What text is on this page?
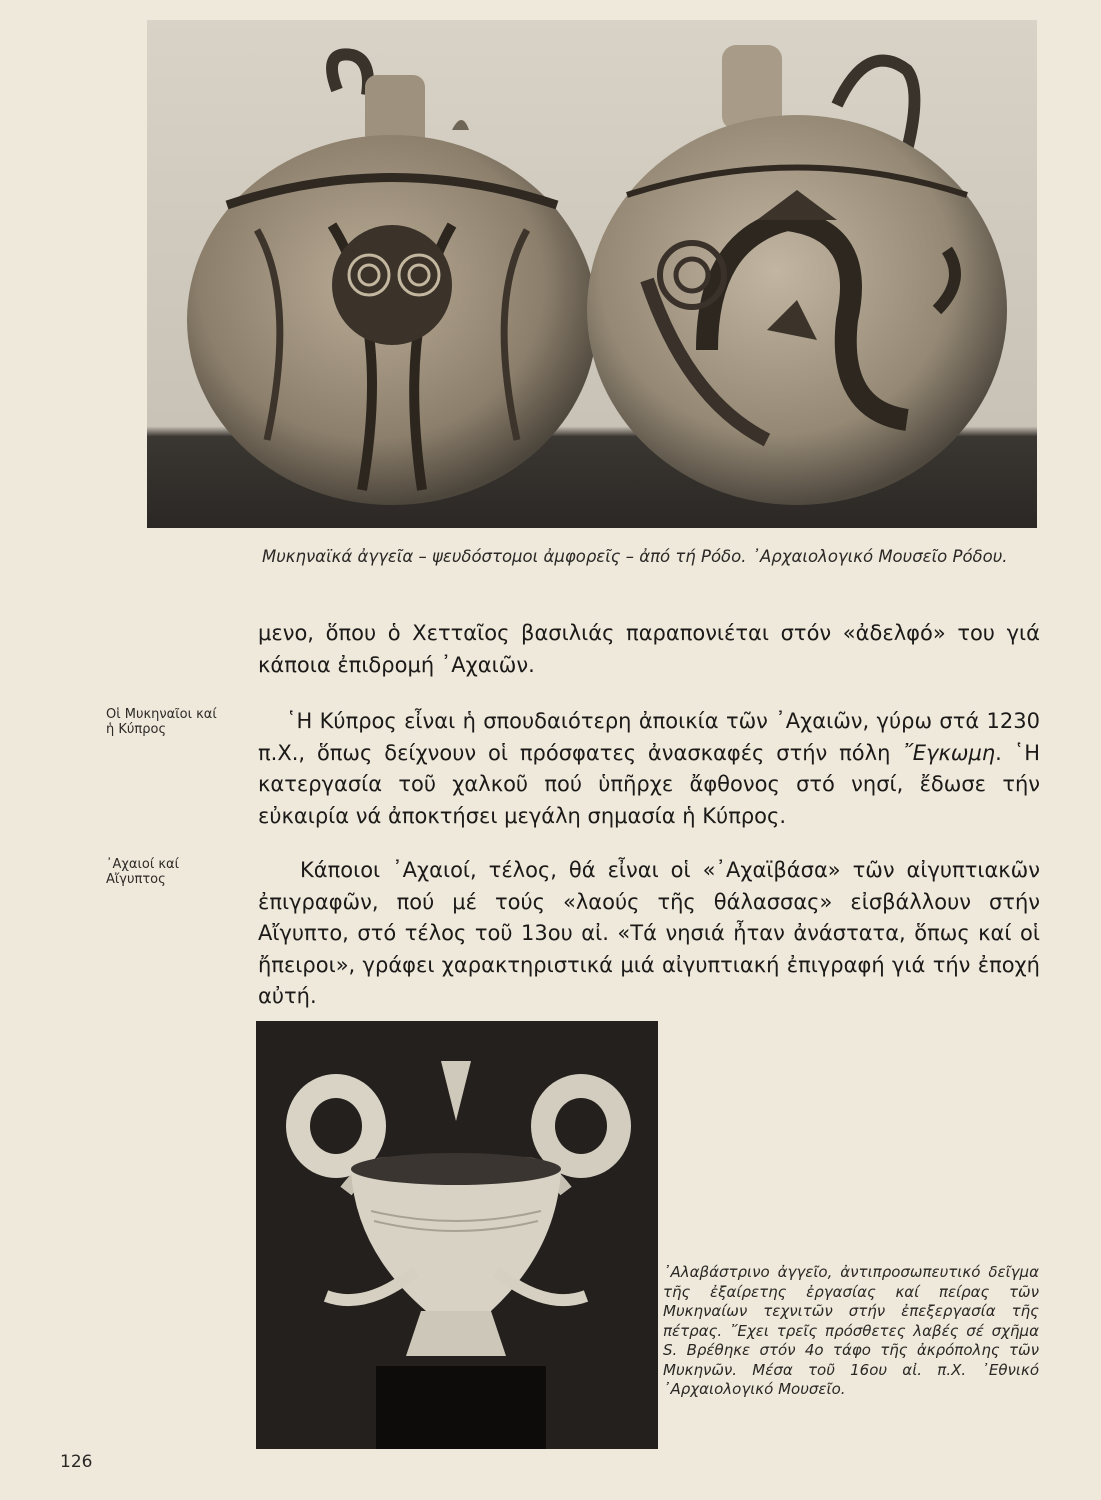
Μυκηναϊκά ἀγγεῖα – ψευδόστομοι ἀμφορεῖς – ἀπό τή Ρόδο. ᾿Αρχαιολογικό Μουσεῖο Ρόδου.
μενο, ὅπου ὁ Χετταῖος βασιλιάς παραπονιέται στόν «ἀδελφό» του γιά κάποια ἐπιδρομή ᾿Αχαιῶν.
Οἱ Μυκηναῖοι καί
ἡ Κύπρος	῾Η Κύπρος εἶναι ἡ σπουδαιότερη ἀποικία τῶν ᾿Αχαιῶν, γύρω στά 1230 π.Χ., ὅπως δείχνουν οἱ πρόσφατες ἀνασκαφές στήν πόλη ῎Εγκωμη. ῾Η κατεργασία τοῦ χαλκοῦ πού ὑπῆρχε ἄφθονος στό νησί, ἔδωσε τήν εὐκαιρία νά ἀποκτήσει μεγάλη σημασία ἡ Κύπρος.
᾿Αχαιοί καί
Αἴγυπτος	Κάποιοι ᾿Αχαιοί, τέλος, θά εἶναι οἱ «᾿Αχαϊβάσα» τῶν αἰγυπτιακῶν ἐπιγραφῶν, πού μέ τούς «λαούς τῆς θάλασσας» εἰσβάλλουν στήν Αἴγυπτο, στό τέλος τοῦ 13ου αἰ. «Τά νησιά ἦταν ἀνάστατα, ὅπως καί οἱ ἤπειροι», γράφει χαρακτηριστικά μιά αἰγυπτιακή ἐπιγραφή γιά τήν ἐποχή αὐτή.
᾿Αλαβάστρινο ἀγγεῖο, ἀντιπροσωπευτικό δεῖγμα τῆς ἐξαίρετης ἐργασίας καί πείρας τῶν Μυκηναίων τεχνιτῶν στήν ἐπεξεργασία τῆς πέτρας. ῎Εχει τρεῖς πρόσθετες λαβές σέ σχῆμα S. Βρέθηκε στόν 4ο τάφο τῆς ἀκρόπολης τῶν Μυκηνῶν. Μέσα τοῦ 16ου αἰ. π.Χ. ᾿Εθνικό ᾿Αρχαιολογικό Μουσεῖο.
126
